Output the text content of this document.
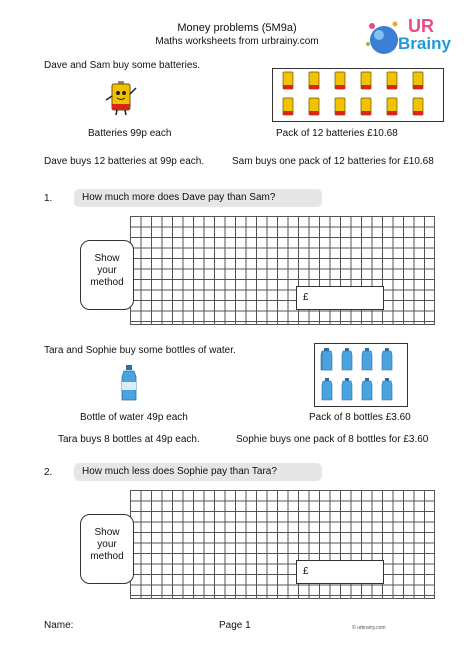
Money problems (5M9a)
Maths worksheets from urbrainy.com
UR
Brainy
Dave and Sam buy some batteries.
Batteries 99p each	Pack of 12 batteries £10.68
Dave buys 12 batteries at 99p each.	Sam buys one pack of 12 batteries for £10.68
1.	How much more does Dave pay than Sam?
Show your method
£
Tara and Sophie buy some bottles of water.
Bottle of water 49p each	Pack of 8 bottles £3.60
Tara buys 8 bottles at 49p each.	Sophie buys one pack of 8 bottles for £3.60
2.	How much less does Sophie pay than Tara?
Show your method
£
Name:	Page 1	© urbrainy.com
